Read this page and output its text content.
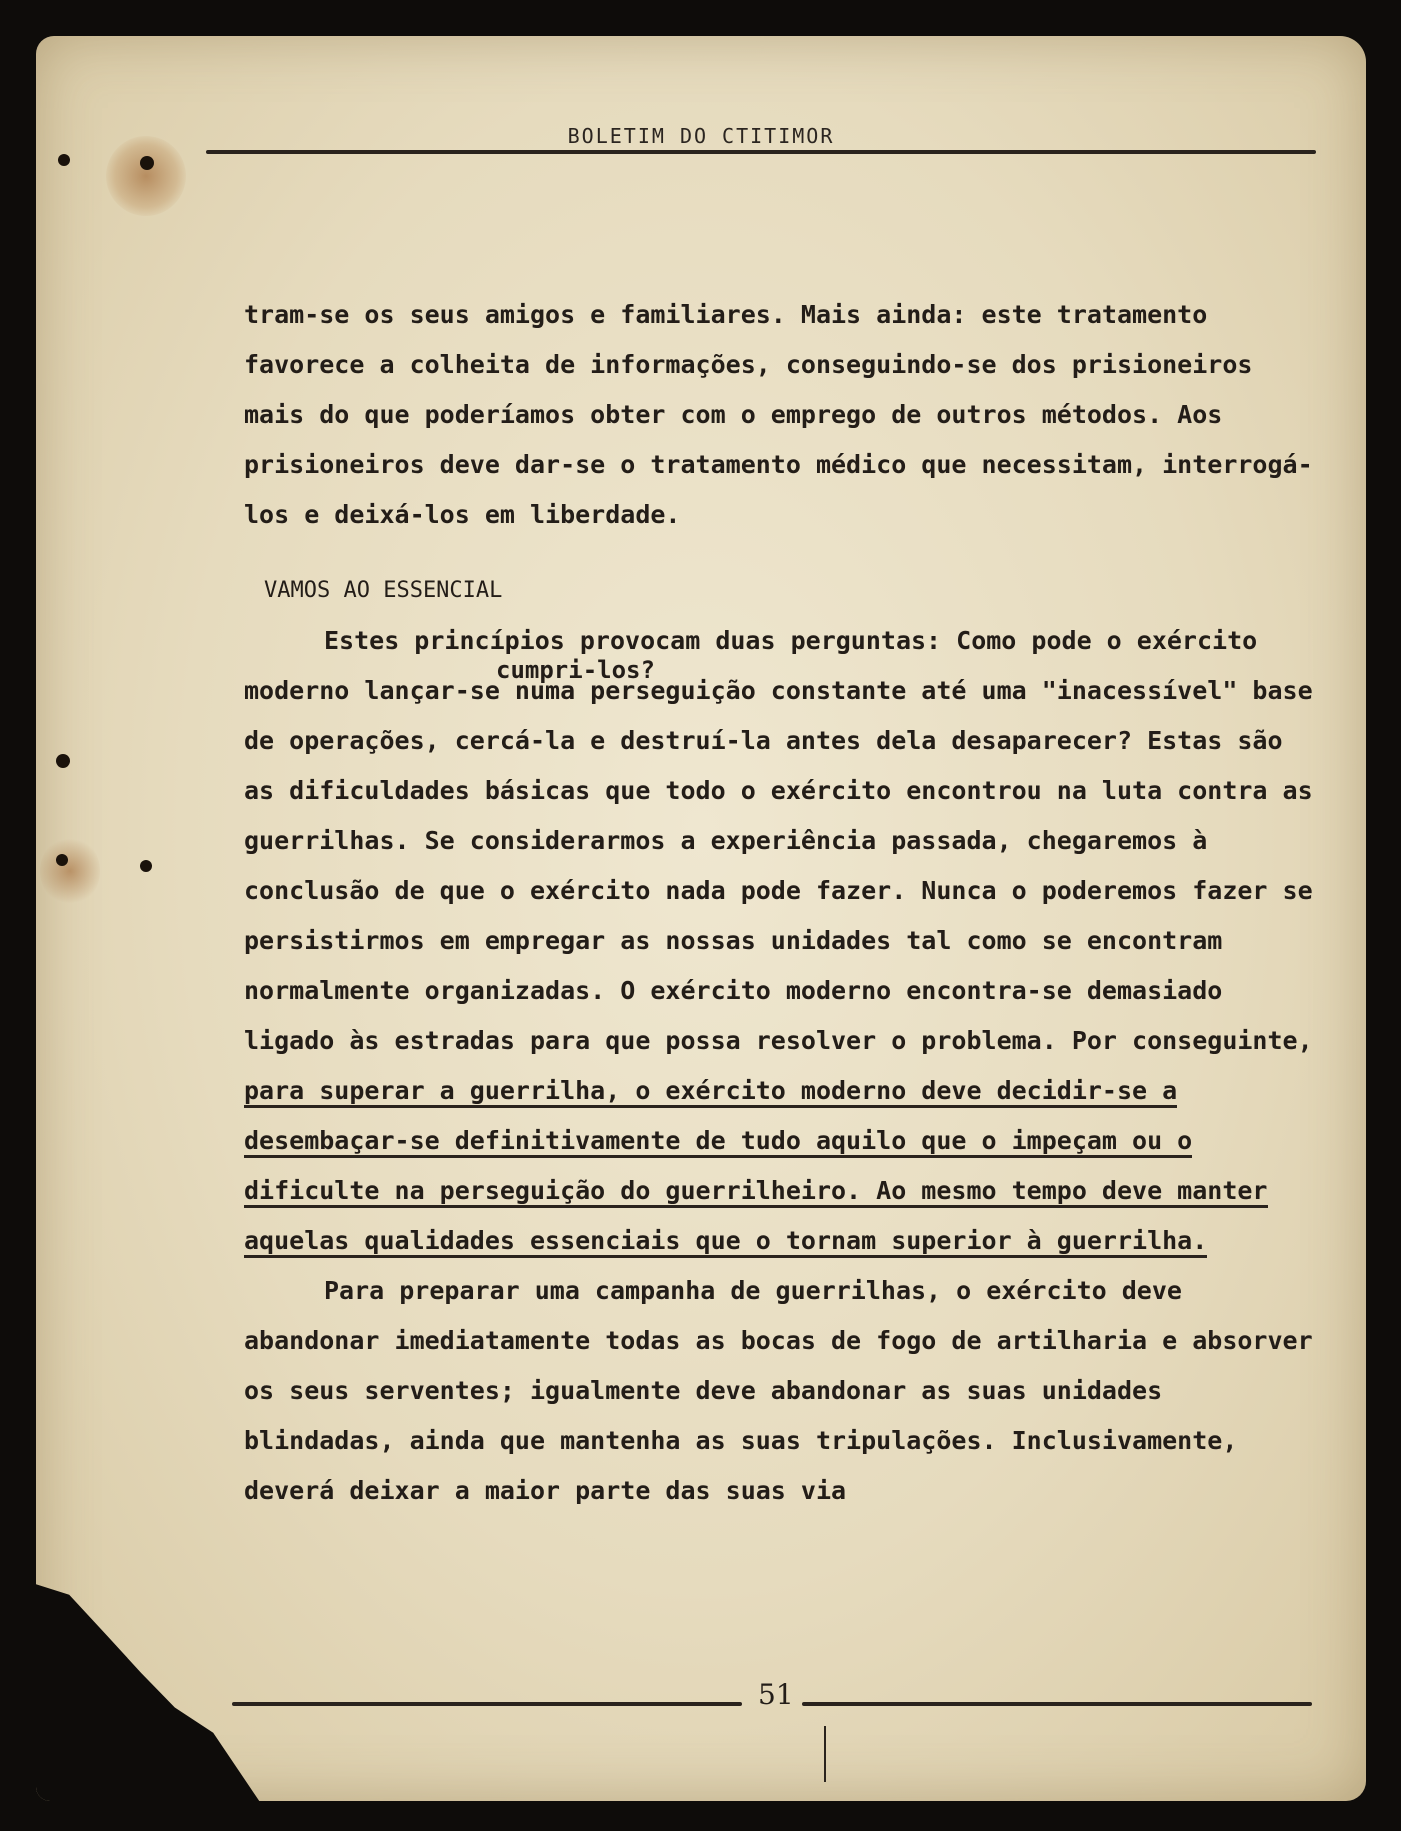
BOLETIM DO CTITIMOR
cumpri-los?

tram-se os seus amigos e familiares. Mais ainda: este tratamento favorece a colheita de informações, conseguindo-se dos prisioneiros mais do que poderíamos obter com o emprego de outros métodos. Aos prisioneiros deve dar-se o tratamento médico que necessitam, interrogá-los e deixá-los em liberdade.

VAMOS AO ESSENCIAL

Estes princípios provocam duas perguntas: Como pode o exército moderno lançar-se numa perseguição constante até uma "inacessível" base de operações, cercá-la e destruí-la antes dela desaparecer? Estas são as dificuldades básicas que todo o exército encontrou na luta contra as guerrilhas. Se considerarmos a experiência passada, chegaremos à conclusão de que o exército nada pode fazer. Nunca o poderemos fazer se persistirmos em empregar as nossas unidades tal como se encontram normalmente organizadas. O exército moderno encontra-se demasiado ligado às estradas para que possa resolver o problema. Por conseguinte, para superar a guerrilha, o exército moderno deve decidir-se a desembaçar-se definitivamente de tudo aquilo que o impeçam ou o dificulte na perseguição do guerrilheiro. Ao mesmo tempo deve manter aquelas qualidades essenciais que o tornam superior à guerrilha.

Para preparar uma campanha de guerrilhas, o exército deve abandonar imediatamente todas as bocas de fogo de artilharia e absorver os seus serventes; igualmente deve abandonar as suas unidades blindadas, ainda que mantenha as suas tripulações. Inclusivamente, deverá deixar a maior parte das suas via

51
